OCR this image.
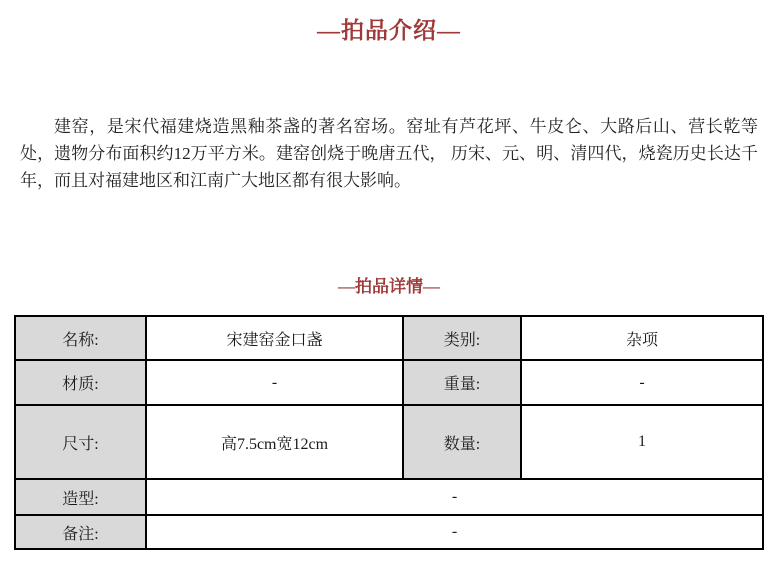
—拍品介绍—

建窑，是宋代福建烧造黑釉茶盏的著名窑场。窑址有芦花坪、牛皮仑、大路后山、营长乾等处，遗物分布面积约12万平方米。建窑创烧于晚唐五代， 历宋、元、明、清四代，烧瓷历史长达千年，而且对福建地区和江南广大地区都有很大影响。

—拍品详情—
名称:	宋建窑金口盏	类别:	杂项
材质:	-	重量:	-
尺寸:	高7.5cm宽12cm	数量:	1
造型:	-		
备注:	-		
